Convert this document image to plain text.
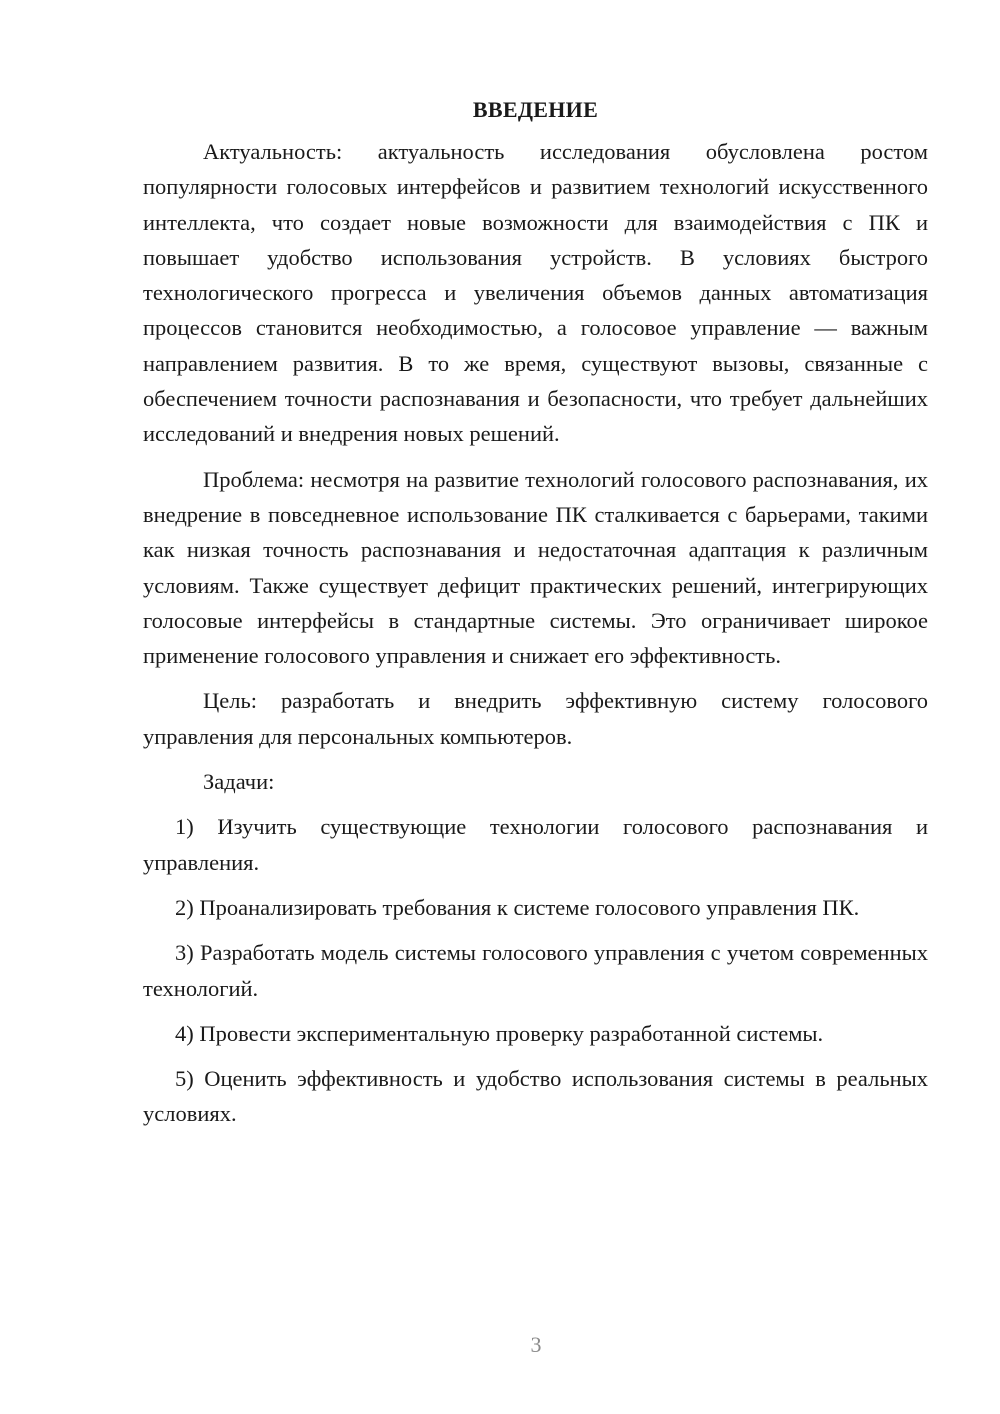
ВВЕДЕНИЕ

Актуальность: актуальность исследования обусловлена ростом популярности голосовых интерфейсов и развитием технологий искусственного интеллекта, что создает новые возможности для взаимодействия с ПК и повышает удобство использования устройств. В условиях быстрого технологического прогресса и увеличения объемов данных автоматизация процессов становится необходимостью, а голосовое управление — важным направлением развития. В то же время, существуют вызовы, связанные с обеспечением точности распознавания и безопасности, что требует дальнейших исследований и внедрения новых решений.

Проблема: несмотря на развитие технологий голосового распознавания, их внедрение в повседневное использование ПК сталкивается с барьерами, такими как низкая точность распознавания и недостаточная адаптация к различным условиям. Также существует дефицит практических решений, интегрирующих голосовые интерфейсы в стандартные системы. Это ограничивает широкое применение голосового управления и снижает его эффективность.

Цель: разработать и внедрить эффективную систему голосового управления для персональных компьютеров.

Задачи:

1) Изучить существующие технологии голосового распознавания и управления.

2) Проанализировать требования к системе голосового управления ПК.

3) Разработать модель системы голосового управления с учетом современных технологий.

4) Провести экспериментальную проверку разработанной системы.

5) Оценить эффективность и удобство использования системы в реальных условиях.

3
